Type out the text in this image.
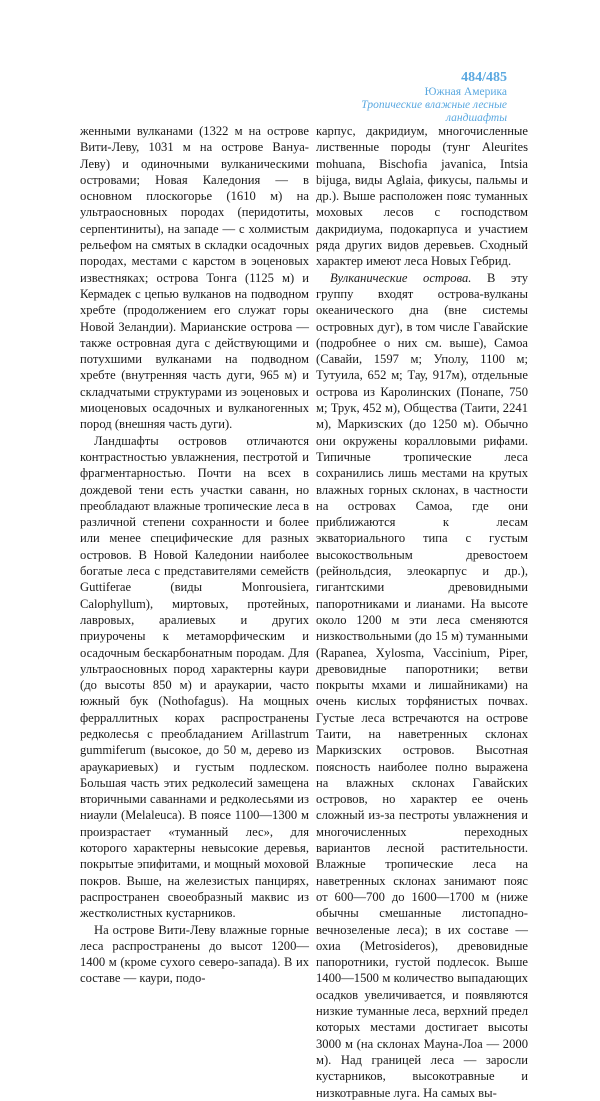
484/485
Южная Америка
Тропические влажные лесные
ландшафты

женными вулканами (1322 м на острове Вити-Леву, 1031 м на острове Вануа-Леву) и одиночными вулканическими островами; Новая Каледония — в основном плоскогорье (1610 м) на ультраосновных породах (перидотиты, серпентиниты), на западе — с холмистым рельефом на смятых в складки осадочных породах, местами с карстом в эоценовых известняках; острова Тонга (1125 м) и Кермадек с цепью вулканов на подводном хребте (продолжением его служат горы Новой Зеландии). Марианские острова — также островная дуга с действующими и потухшими вулканами на подводном хребте (внутренняя часть дуги, 965 м) и складчатыми структурами из эоценовых и миоценовых осадочных и вулканогенных пород (внешняя часть дуги).

Ландшафты островов отличаются контрастностью увлажнения, пестротой и фрагментарностью. Почти на всех в дождевой тени есть участки саванн, но преобладают влажные тропические леса в различной степени сохранности и более или менее специфические для разных островов. В Новой Каледонии наиболее богатые леса с представителями семейств Guttiferae (виды Monrousiera, Calophyllum), миртовых, протейных, лавровых, аралиевых и других приурочены к метаморфическим и осадочным бескарбонатным породам. Для ультраосновных пород характерны каури (до высоты 850 м) и араукарии, часто южный бук (Nothofagus). На мощных ферраллитных корах распространены редколесья с преобладанием Arillastrum gummiferum (высокое, до 50 м, дерево из араукариевых) и густым подлеском. Большая часть этих редколесий замещена вторичными саваннами и редколесьями из ниаули (Melaleuca). В поясе 1100—1300 м произрастает «туманный лес», для которого характерны невысокие деревья, покрытые эпифитами, и мощный моховой покров. Выше, на железистых панцирях, распространен своеобразный маквис из жестколистных кустарников.

На острове Вити-Леву влажные горные леса распространены до высот 1200—1400 м (кроме сухого северо-запада). В их составе — каури, подо-

карпус, дакридиум, многочисленные лиственные породы (тунг Aleurites mohuana, Bischofia javanica, Intsia bijuga, виды Aglaia, фикусы, пальмы и др.). Выше расположен пояс туманных моховых лесов с господством дакридиума, подокарпуса и участием ряда других видов деревьев. Сходный характер имеют леса Новых Гебрид.

Вулканические острова. В эту группу входят острова-вулканы океанического дна (вне системы островных дуг), в том числе Гавайские (подробнее о них см. выше), Самоа (Савайи, 1597 м; Уполу, 1100 м; Тутуила, 652 м; Тау, 917м), отдельные острова из Каролинских (Понапе, 750 м; Трук, 452 м), Общества (Таити, 2241 м), Маркизских (до 1250 м). Обычно они окружены коралловыми рифами. Типичные тропические леса сохранились лишь местами на крутых влажных горных склонах, в частности на островах Самоа, где они приближаются к лесам экваториального типа с густым высокоствольным древостоем (рейнольдсия, элеокарпус и др.), гигантскими древовидными папоротниками и лианами. На высоте около 1200 м эти леса сменяются низкоствольными (до 15 м) туманными (Rapanea, Xylosma, Vaccinium, Piper, древовидные папоротники; ветви покрыты мхами и лишайниками) на очень кислых торфянистых почвах. Густые леса встречаются на острове Таити, на наветренных склонах Маркизских островов. Высотная поясность наиболее полно выражена на влажных склонах Гавайских островов, но характер ее очень сложный из-за пестроты увлажнения и многочисленных переходных вариантов лесной растительности. Влажные тропические леса на наветренных склонах занимают пояс от 600—700 до 1600—1700 м (ниже обычны смешанные листопадно-вечнозеленые леса); в их составе — охиа (Metrosideros), древовидные папоротники, густой подлесок. Выше 1400—1500 м количество выпадающих осадков увеличивается, и появляются низкие туманные леса, верхний предел которых местами достигает высоты 3000 м (на склонах Мауна-Лоа — 2000 м). Над границей леса — заросли кустарников, высокотравные и низкотравные луга. На самых вы-
